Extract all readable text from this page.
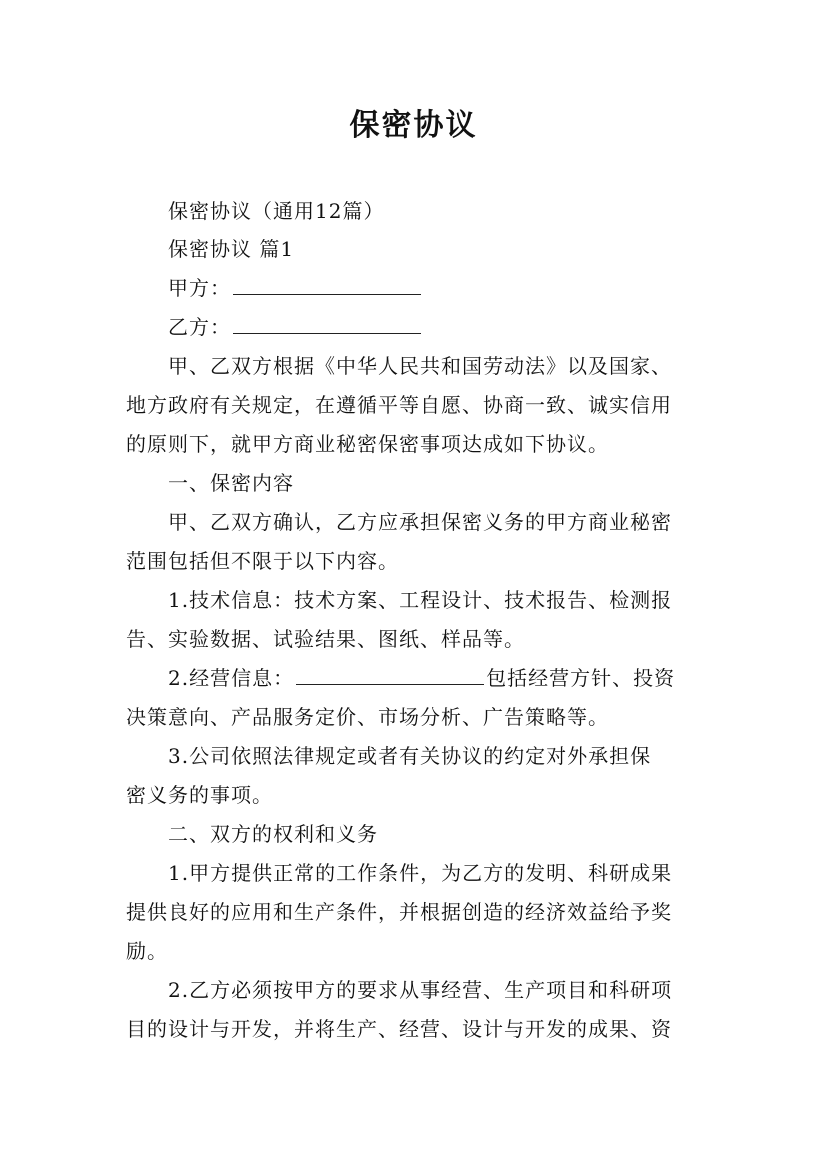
保密协议
保密协议（通用12篇）
保密协议 篇1
甲方：
乙方：
甲、乙双方根据《中华人民共和国劳动法》以及国家、
地方政府有关规定，在遵循平等自愿、协商一致、诚实信用
的原则下，就甲方商业秘密保密事项达成如下协议。
一、保密内容
甲、乙双方确认，乙方应承担保密义务的甲方商业秘密
范围包括但不限于以下内容。
1.技术信息：技术方案、工程设计、技术报告、检测报
告、实验数据、试验结果、图纸、样品等。
2.经营信息：	包括经营方针、投资
决策意向、产品服务定价、市场分析、广告策略等。
3.公司依照法律规定或者有关协议的约定对外承担保
密义务的事项。
二、双方的权利和义务
1.甲方提供正常的工作条件，为乙方的发明、科研成果
提供良好的应用和生产条件，并根据创造的经济效益给予奖
励。
2.乙方必须按甲方的要求从事经营、生产项目和科研项
目的设计与开发，并将生产、经营、设计与开发的成果、资
